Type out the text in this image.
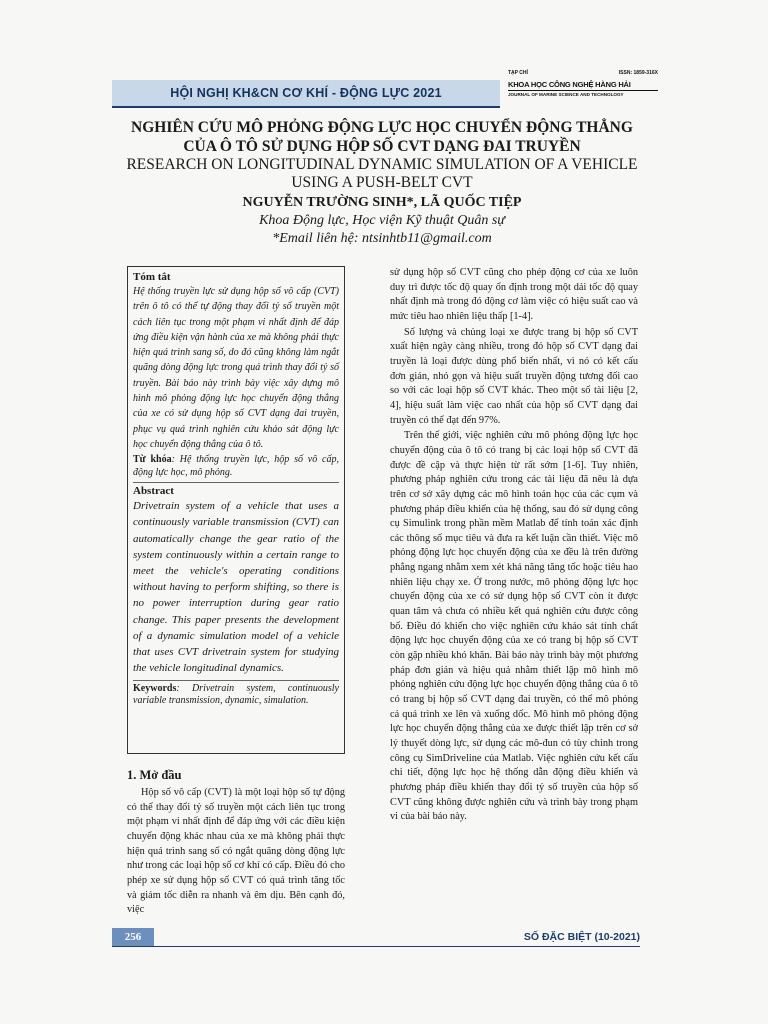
HỘI NGHỊ KH&CN CƠ KHÍ - ĐỘNG LỰC 2021
TẠP CHÍ	ISSN: 1859-316X
KHOA HỌC CÔNG NGHỆ HÀNG HẢI
JOURNAL OF MARINE SCIENCE AND TECHNOLOGY

NGHIÊN CỨU MÔ PHỎNG ĐỘNG LỰC HỌC CHUYỂN ĐỘNG THẲNG

CỦA Ô TÔ SỬ DỤNG HỘP SỐ CVT DẠNG ĐAI TRUYỀN

RESEARCH ON LONGITUDINAL DYNAMIC SIMULATION OF A VEHICLE

USING A PUSH-BELT CVT

NGUYỄN TRƯỜNG SINH*, LÃ QUỐC TIỆP

Khoa Động lực, Học viện Kỹ thuật Quân sự

*Email liên hệ: ntsinhtb11@gmail.com

Tóm tắt

Hệ thống truyền lực sử dụng hộp số vô cấp (CVT) trên ô tô có thể tự động thay đổi tỷ số truyền một cách liên tục trong một phạm vi nhất định để đáp ứng điều kiện vận hành của xe mà không phải thực hiện quá trình sang số, do đó cũng không làm ngắt quãng dòng động lực trong quá trình thay đổi tỷ số truyền. Bài báo này trình bày việc xây dựng mô hình mô phỏng động lực học chuyển động thẳng của xe có sử dụng hộp số CVT dạng đai truyền, phục vụ quá trình nghiên cứu khảo sát động lực học chuyển động thẳng của ô tô.

Từ khóa: Hệ thống truyền lực, hộp số vô cấp, động lực học, mô phỏng.

Abstract

Drivetrain system of a vehicle that uses a continuously variable transmission (CVT) can automatically change the gear ratio of the system continuously within a certain range to meet the vehicle's operating conditions without having to perform shifting, so there is no power interruption during gear ratio change. This paper presents the development of a dynamic simulation model of a vehicle that uses CVT drivetrain system for studying the vehicle longitudinal dynamics.

Keywords: Drivetrain system, continuously variable transmission, dynamic, simulation.

1. Mở đầu

Hộp số vô cấp (CVT) là một loại hộp số tự động có thể thay đổi tỷ số truyền một cách liên tục trong một phạm vi nhất định để đáp ứng với các điều kiện chuyển động khác nhau của xe mà không phải thực hiện quá trình sang số có ngắt quãng dòng động lực như trong các loại hộp số cơ khí có cấp. Điều đó cho phép xe sử dụng hộp số CVT có quá trình tăng tốc và giảm tốc diễn ra nhanh và êm dịu. Bên cạnh đó, việc

sử dụng hộp số CVT cũng cho phép động cơ của xe luôn duy trì được tốc độ quay ổn định trong một dải tốc độ quay nhất định mà trong đó động cơ làm việc có hiệu suất cao và mức tiêu hao nhiên liệu thấp [1-4].

Số lượng và chủng loại xe được trang bị hộp số CVT xuất hiện ngày càng nhiều, trong đó hộp số CVT dạng đai truyền là loại được dùng phổ biến nhất, vì nó có kết cấu đơn giản, nhỏ gọn và hiệu suất truyền động tương đối cao so với các loại hộp số CVT khác. Theo một số tài liệu [2, 4], hiệu suất làm việc cao nhất của hộp số CVT dạng đai truyền có thể đạt đến 97%.

Trên thế giới, việc nghiên cứu mô phỏng động lực học chuyển động của ô tô có trang bị các loại hộp số CVT đã được đề cập và thực hiện từ rất sớm [1-6]. Tuy nhiên, phương pháp nghiên cứu trong các tài liệu đã nêu là dựa trên cơ sở xây dựng các mô hình toán học của các cụm và phương pháp điều khiển của hệ thống, sau đó sử dụng công cụ Simulink trong phần mềm Matlab để tính toán xác định các thông số mục tiêu và đưa ra kết luận cần thiết. Việc mô phỏng động lực học chuyển động của xe đều là trên đường phẳng ngang nhằm xem xét khả năng tăng tốc hoặc tiêu hao nhiên liệu chạy xe. Ở trong nước, mô phỏng động lực học chuyển động của xe có sử dụng hộp số CVT còn ít được quan tâm và chưa có nhiều kết quả nghiên cứu được công bố. Điều đó khiến cho việc nghiên cứu khảo sát tính chất động lực học chuyển động của xe có trang bị hộp số CVT còn gặp nhiều khó khăn. Bài báo này trình bày một phương pháp đơn giản và hiệu quả nhằm thiết lập mô hình mô phỏng nghiên cứu động lực học chuyển động thẳng của ô tô có trang bị hộp số CVT dạng đai truyền, có thể mô phỏng cả quá trình xe lên và xuống dốc. Mô hình mô phỏng động lực học chuyển động thẳng của xe được thiết lập trên cơ sở lý thuyết dòng lực, sử dụng các mô-đun có tùy chỉnh trong công cụ SimDriveline của Matlab. Việc nghiên cứu kết cấu chi tiết, động lực học hệ thống dẫn động điều khiển và phương pháp điều khiển thay đổi tỷ số truyền của hộp số CVT cũng không được nghiên cứu và trình bày trong phạm vi của bài báo này.

256	SỐ ĐẶC BIỆT (10-2021)
